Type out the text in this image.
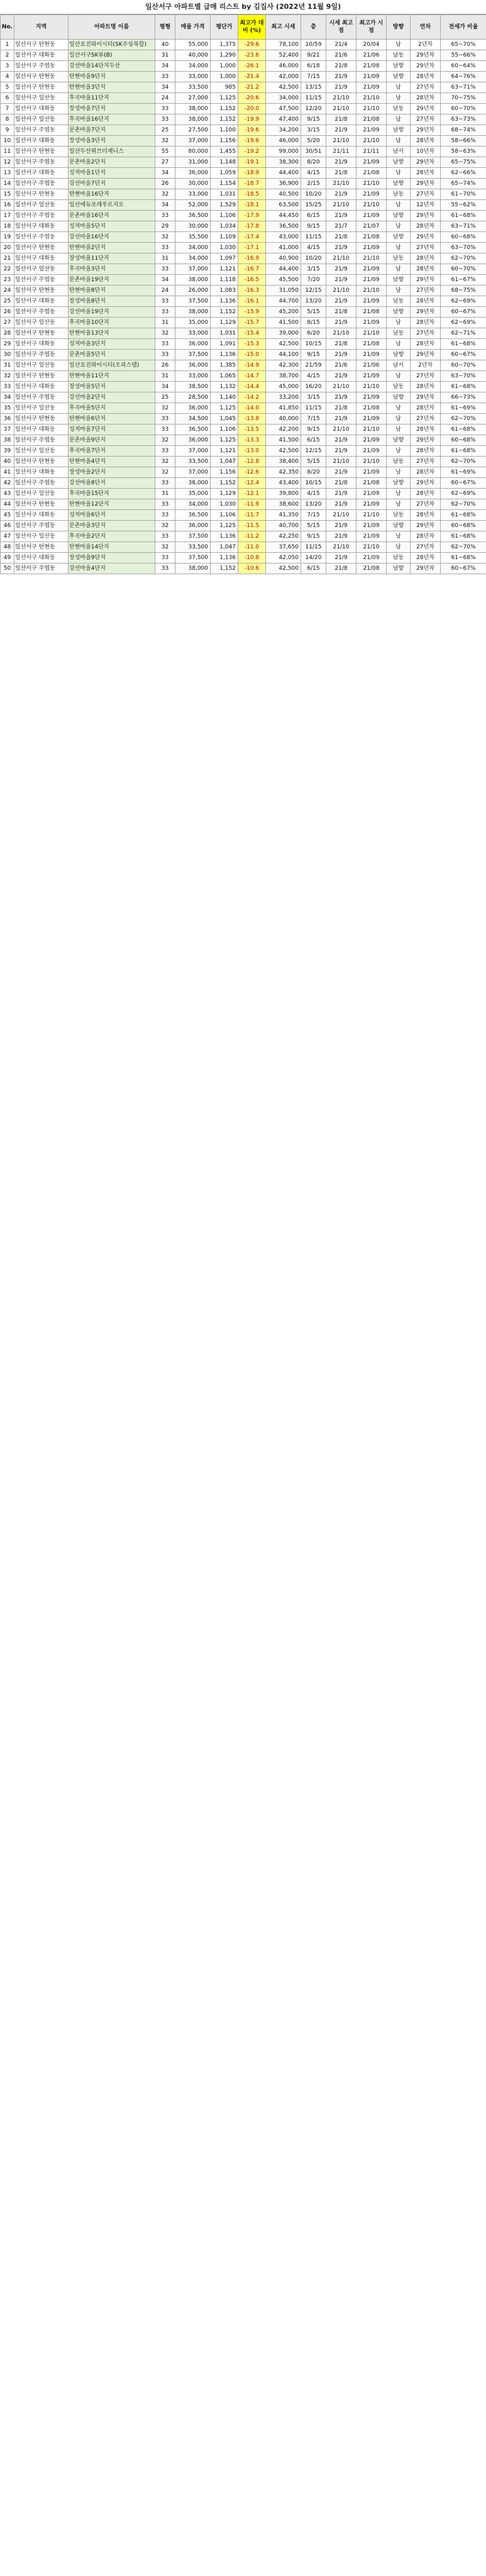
일산서구 아파트별 급매 리스트 by 김집사 (2022년 11월 9일)
No.	지역	아파트명 이름	평형	매물 가격	평단가	최고가 대비 (%)	최고 시세	층	시세 최고점	최고가 시점	방향	연차	전세가 비율
1	일산서구 탄현동	일산요진와이시티(SK주상복합)	40	55,000	1,375	-29.6	78,100	10/59	21/4	20/04	남	2년차	65~70%
2	일산서구 대화동	일산서구SK뷰(B)	31	40,000	1,290	-23.6	52,400	9/21	21/6	21/06	남동	29년차	55~66%
3	일산서구 주엽동	강선마을14단지두산	34	34,000	1,000	-26.1	46,000	6/18	21/8	21/08	남향	29년차	60~64%
4	일산서구 탄현동	탄현마을9단지	33	33,000	1,000	-21.4	42,000	7/15	21/9	21/09	남향	28년차	64~76%
5	일산서구 탄현동	탄현마을3단지	34	33,500	985	-21.2	42,500	13/15	21/9	21/09	남	27년차	63~71%
6	일산서구 일산동	후곡마을11단지	24	27,000	1,125	-20.6	34,000	11/15	21/10	21/10	남	28년차	70~75%
7	일산서구 대화동	장성마을7단지	33	38,000	1,152	-20.0	47,500	12/20	21/10	21/10	남동	29년차	60~70%
8	일산서구 일산동	후곡마을16단지	33	38,000	1,152	-19.9	47,400	9/15	21/8	21/08	남	27년차	63~73%
9	일산서구 주엽동	문촌마을7단지	25	27,500	1,100	-19.6	34,200	3/15	21/9	21/09	남향	29년차	68~74%
10	일산서구 대화동	장성마을3단지	32	37,000	1,156	-19.6	46,000	5/20	21/10	21/10	남	28년차	58~66%
11	일산서구 탄현동	일산두산위브더제니스	55	80,000	1,455	-19.2	99,000	30/51	21/11	21/11	남서	10년차	58~63%
12	일산서구 주엽동	문촌마을2단지	27	31,000	1,148	-19.1	38,300	8/20	21/9	21/09	남향	29년차	65~75%
13	일산서구 대화동	성저마을1단지	34	36,000	1,059	-18.9	44,400	4/15	21/8	21/08	남	28년차	62~66%
14	일산서구 주엽동	강선마을7단지	26	30,000	1,154	-18.7	36,900	2/15	21/10	21/10	남향	29년차	65~74%
15	일산서구 탄현동	탄현마을16단지	32	33,000	1,031	-18.5	40,500	10/20	21/9	21/09	남동	27년차	61~70%
16	일산서구 일산동	일산에듀포레푸르지오	34	52,000	1,529	-18.1	63,500	15/25	21/10	21/10	남	12년차	55~62%
17	일산서구 주엽동	문촌마을16단지	33	36,500	1,106	-17.9	44,450	6/15	21/9	21/09	남향	29년차	61~68%
18	일산서구 대화동	성저마을5단지	29	30,000	1,034	-17.8	36,500	9/15	21/7	21/07	남	28년차	63~71%
19	일산서구 주엽동	강선마을16단지	32	35,500	1,109	-17.4	43,000	11/15	21/8	21/08	남향	29년차	60~68%
20	일산서구 탄현동	탄현마을2단지	33	34,000	1,030	-17.1	41,000	4/15	21/9	21/09	남	27년차	63~70%
21	일산서구 대화동	장성마을11단지	31	34,000	1,097	-16.9	40,900	10/20	21/10	21/10	남동	28년차	62~70%
22	일산서구 일산동	후곡마을3단지	33	37,000	1,121	-16.7	44,400	3/15	21/9	21/09	남	28년차	60~70%
23	일산서구 주엽동	문촌마을19단지	34	38,000	1,118	-16.5	45,500	7/20	21/9	21/09	남향	29년차	61~67%
24	일산서구 탄현동	탄현마을8단지	24	26,000	1,083	-16.3	31,050	12/15	21/10	21/10	남	27년차	68~75%
25	일산서구 대화동	장성마을8단지	33	37,500	1,136	-16.1	44,700	13/20	21/9	21/09	남동	28년차	62~69%
26	일산서구 주엽동	강선마을19단지	33	38,000	1,152	-15.9	45,200	5/15	21/8	21/08	남향	29년차	60~67%
27	일산서구 일산동	후곡마을10단지	31	35,000	1,129	-15.7	41,500	8/15	21/9	21/09	남	28년차	62~69%
28	일산서구 탄현동	탄현마을13단지	32	33,000	1,031	-15.4	39,000	6/20	21/10	21/10	남동	27년차	62~71%
29	일산서구 대화동	성저마을3단지	33	36,000	1,091	-15.3	42,500	10/15	21/8	21/08	남	28년차	61~68%
30	일산서구 주엽동	문촌마을5단지	33	37,500	1,136	-15.0	44,100	9/15	21/9	21/09	남향	29년차	60~67%
31	일산서구 일산동	일산요진와이시티(오피스텔)	26	36,000	1,385	-14.9	42,300	21/59	21/6	21/06	남서	2년차	60~70%
32	일산서구 탄현동	탄현마을11단지	31	33,000	1,065	-14.7	38,700	4/15	21/9	21/09	남	27년차	63~70%
33	일산서구 대화동	장성마을5단지	34	38,500	1,132	-14.4	45,000	16/20	21/10	21/10	남동	28년차	61~68%
34	일산서구 주엽동	강선마을2단지	25	28,500	1,140	-14.2	33,200	3/15	21/9	21/09	남향	29년차	66~73%
35	일산서구 일산동	후곡마을5단지	32	36,000	1,125	-14.0	41,850	11/15	21/8	21/08	남	28년차	61~69%
36	일산서구 탄현동	탄현마을6단지	33	34,500	1,045	-13.8	40,000	7/15	21/9	21/09	남	27년차	62~70%
37	일산서구 대화동	성저마을7단지	33	36,500	1,106	-13.5	42,200	9/15	21/10	21/10	남	28년차	61~68%
38	일산서구 주엽동	문촌마을9단지	32	36,000	1,125	-13.3	41,500	6/15	21/9	21/09	남향	29년차	60~68%
39	일산서구 일산동	후곡마을7단지	33	37,000	1,121	-13.0	42,500	12/15	21/9	21/09	남	28년차	61~68%
40	일산서구 탄현동	탄현마을4단지	32	33,500	1,047	-12.8	38,400	5/15	21/10	21/10	남동	27년차	62~70%
41	일산서구 대화동	장성마을2단지	32	37,000	1,156	-12.6	42,350	8/20	21/9	21/09	남	28년차	61~69%
42	일산서구 주엽동	강선마을8단지	33	38,000	1,152	-12.4	43,400	10/15	21/8	21/08	남향	29년차	60~67%
43	일산서구 일산동	후곡마을15단지	31	35,000	1,129	-12.1	39,800	4/15	21/9	21/09	남	28년차	62~69%
44	일산서구 탄현동	탄현마을12단지	33	34,000	1,030	-11.9	38,600	13/20	21/9	21/09	남	27년차	62~70%
45	일산서구 대화동	성저마을6단지	33	36,500	1,106	-11.7	41,350	7/15	21/10	21/10	남동	28년차	61~68%
46	일산서구 주엽동	문촌마을3단지	32	36,000	1,125	-11.5	40,700	5/15	21/9	21/09	남향	29년차	60~68%
47	일산서구 일산동	후곡마을2단지	33	37,500	1,136	-11.2	42,250	9/15	21/9	21/09	남	28년차	61~68%
48	일산서구 탄현동	탄현마을14단지	32	33,500	1,047	-11.0	37,650	11/15	21/10	21/10	남	27년차	62~70%
49	일산서구 대화동	장성마을9단지	33	37,500	1,136	-10.8	42,050	14/20	21/9	21/09	남동	28년차	61~68%
50	일산서구 주엽동	강선마을4단지	33	38,000	1,152	-10.6	42,500	6/15	21/8	21/08	남향	29년차	60~67%
